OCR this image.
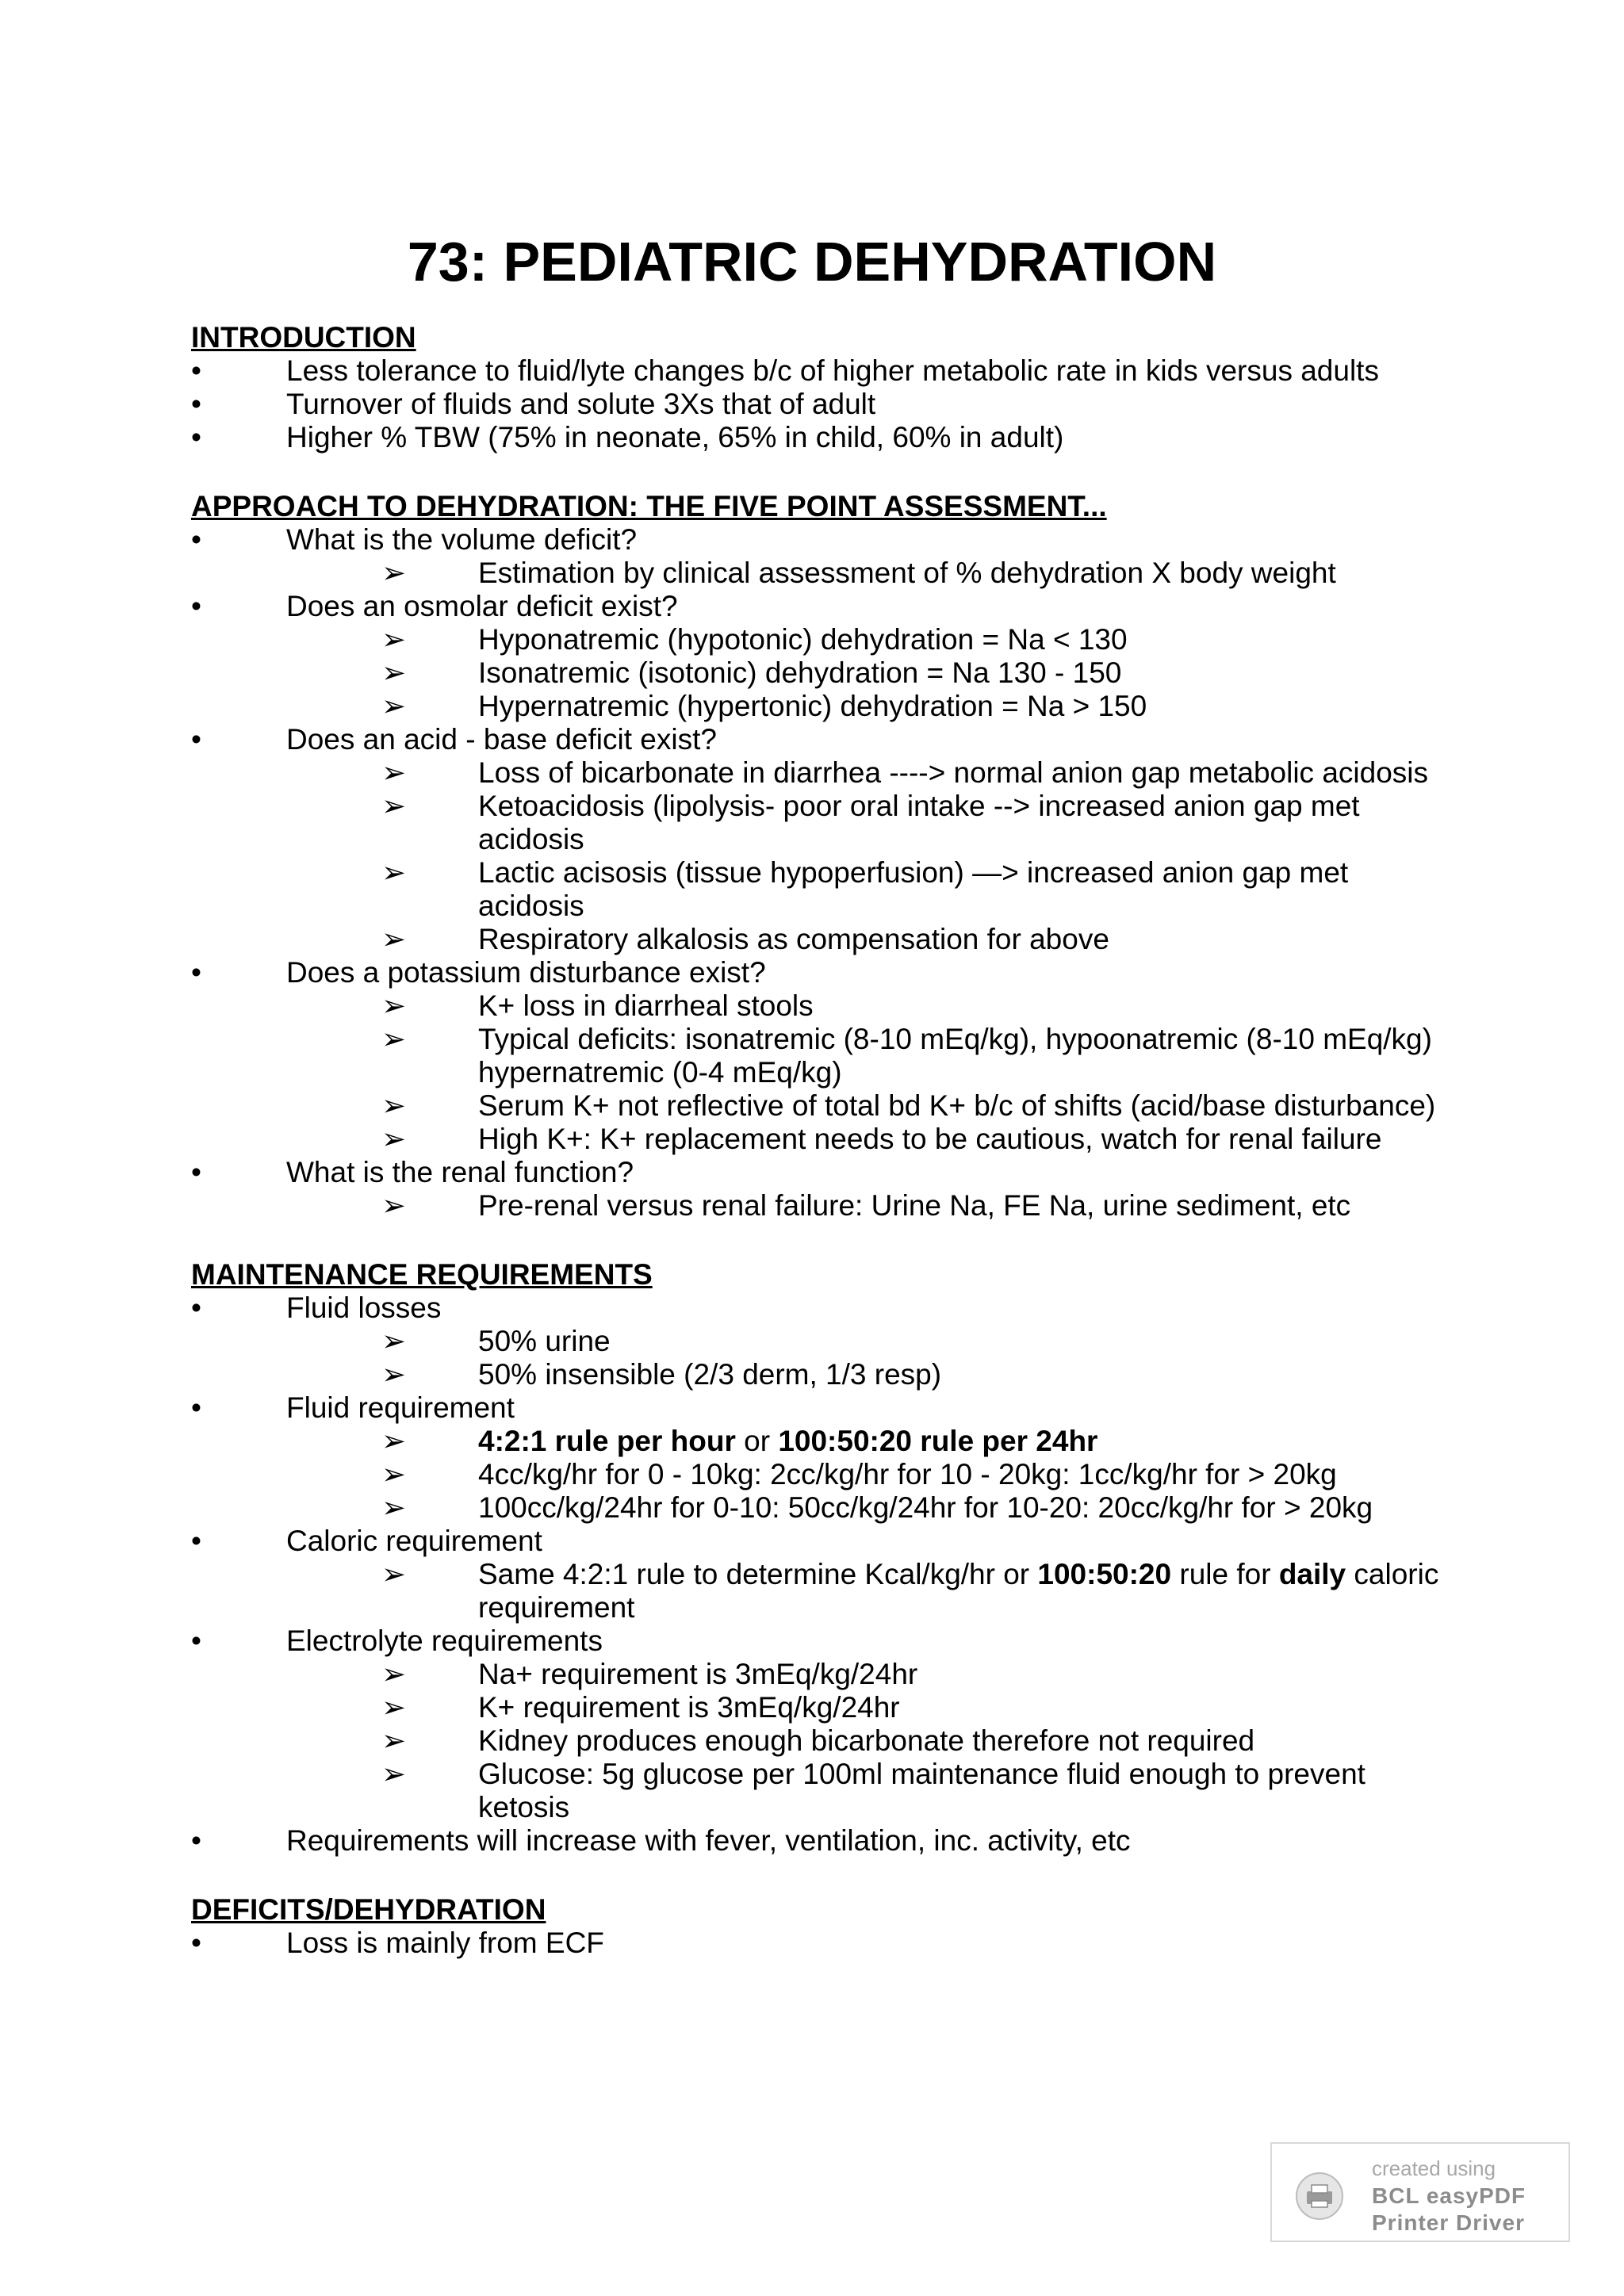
73: PEDIATRIC DEHYDRATION
INTRODUCTION
•	Less tolerance to fluid/lyte changes b/c of higher metabolic rate in kids versus adults
•	Turnover of fluids and solute 3Xs that of adult
•	Higher % TBW (75% in neonate, 65% in child, 60% in adult)
APPROACH TO DEHYDRATION: THE FIVE POINT ASSESSMENT...
•	What is the volume deficit?
➢ Estimation by clinical assessment of % dehydration X body weight
•	Does an osmolar deficit exist?
➢ Hyponatremic (hypotonic) dehydration = Na < 130
➢ Isonatremic (isotonic) dehydration = Na 130 - 150
➢ Hypernatremic (hypertonic) dehydration = Na > 150
•	Does an acid - base deficit exist?
➢ Loss of bicarbonate in diarrhea ----> normal anion gap metabolic acidosis
➢ Ketoacidosis (lipolysis- poor oral intake --> increased anion gap met
acidosis
➢ Lactic acisosis (tissue hypoperfusion) —> increased anion gap met
acidosis
➢ Respiratory alkalosis as compensation for above
•	Does a potassium disturbance exist?
➢ K+ loss in diarrheal stools
➢ Typical deficits: isonatremic (8-10 mEq/kg), hypoonatremic (8-10 mEq/kg)
hypernatremic (0-4 mEq/kg)
➢ Serum K+ not reflective of total bd K+ b/c of shifts (acid/base disturbance)
➢ High K+: K+ replacement needs to be cautious, watch for renal failure
•	What is the renal function?
➢ Pre-renal versus renal failure: Urine Na, FE Na, urine sediment, etc
MAINTENANCE REQUIREMENTS
•	Fluid losses
➢ 50% urine
➢ 50% insensible (2/3 derm, 1/3 resp)
•	Fluid requirement
➢ 4:2:1 rule per hour or 100:50:20 rule per 24hr
➢ 4cc/kg/hr for 0 - 10kg: 2cc/kg/hr for 10 - 20kg: 1cc/kg/hr for > 20kg
➢ 100cc/kg/24hr for 0-10: 50cc/kg/24hr for 10-20: 20cc/kg/hr for > 20kg
•	Caloric requirement
➢ Same 4:2:1 rule to determine Kcal/kg/hr or 100:50:20 rule for daily caloric
requirement
•	Electrolyte requirements
➢ Na+ requirement is 3mEq/kg/24hr
➢ K+ requirement is 3mEq/kg/24hr
➢ Kidney produces enough bicarbonate therefore not required
➢ Glucose: 5g glucose per 100ml maintenance fluid enough to prevent
ketosis
•	Requirements will increase with fever, ventilation, inc. activity, etc
DEFICITS/DEHYDRATION
•	Loss is mainly from ECF
created using
BCL easyPDF
Printer Driver
